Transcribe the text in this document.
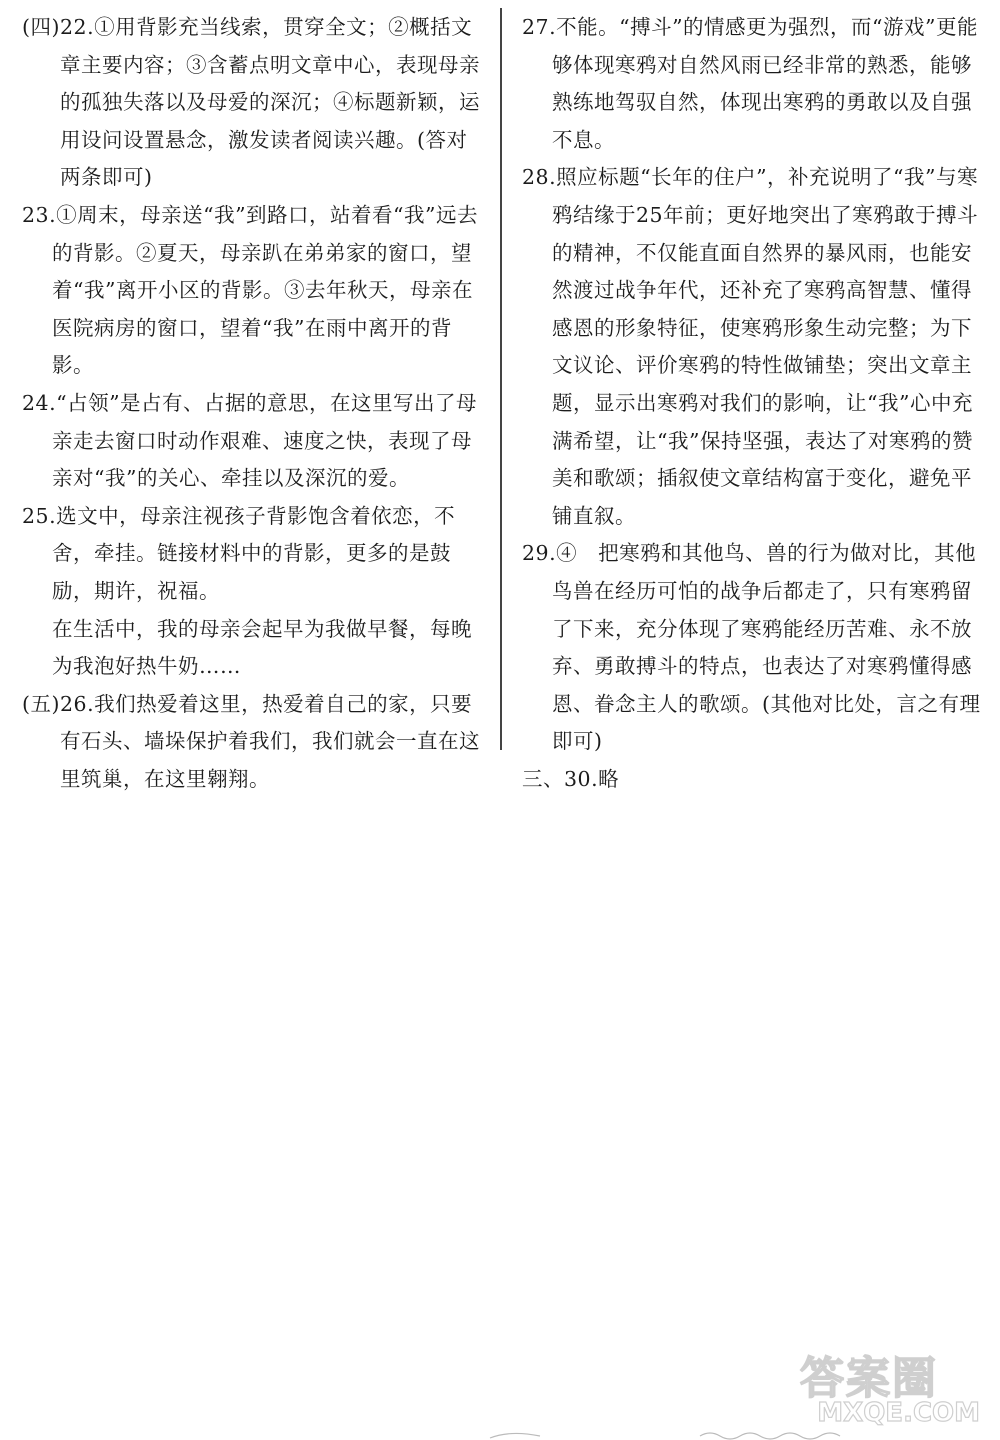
(四)22.①用背影充当线索，贯穿全文；②概括文章主要内容；③含蓄点明文章中心，表现母亲的孤独失落以及母爱的深沉；④标题新颖，运用设问设置悬念，激发读者阅读兴趣。(答对两条即可)

23.①周末，母亲送“我”到路口，站着看“我”远去的背影。②夏天，母亲趴在弟弟家的窗口，望着“我”离开小区的背影。③去年秋天，母亲在医院病房的窗口，望着“我”在雨中离开的背影。

24.“占领”是占有、占据的意思，在这里写出了母亲走去窗口时动作艰难、速度之快，表现了母亲对“我”的关心、牵挂以及深沉的爱。

25.选文中，母亲注视孩子背影饱含着依恋，不舍，牵挂。链接材料中的背影，更多的是鼓励，期许，祝福。

在生活中，我的母亲会起早为我做早餐，每晚为我泡好热牛奶……

(五)26.我们热爱着这里，热爱着自己的家，只要有石头、墙垛保护着我们，我们就会一直在这里筑巢，在这里翱翔。

27.不能。“搏斗”的情感更为强烈，而“游戏”更能够体现寒鸦对自然风雨已经非常的熟悉，能够熟练地驾驭自然，体现出寒鸦的勇敢以及自强不息。

28.照应标题“长年的住户”，补充说明了“我”与寒鸦结缘于25年前；更好地突出了寒鸦敢于搏斗的精神，不仅能直面自然界的暴风雨，也能安然渡过战争年代，还补充了寒鸦高智慧、懂得感恩的形象特征，使寒鸦形象生动完整；为下文议论、评价寒鸦的特性做铺垫；突出文章主题，显示出寒鸦对我们的影响，让“我”心中充满希望，让“我”保持坚强，表达了对寒鸦的赞美和歌颂；插叙使文章结构富于变化，避免平铺直叙。

29.④　把寒鸦和其他鸟、兽的行为做对比，其他鸟兽在经历可怕的战争后都走了，只有寒鸦留了下来，充分体现了寒鸦能经历苦难、永不放弃、勇敢搏斗的特点，也表达了对寒鸦懂得感恩、眷念主人的歌颂。(其他对比处，言之有理即可)

三、30.略

答案圈
MXQE.COM
